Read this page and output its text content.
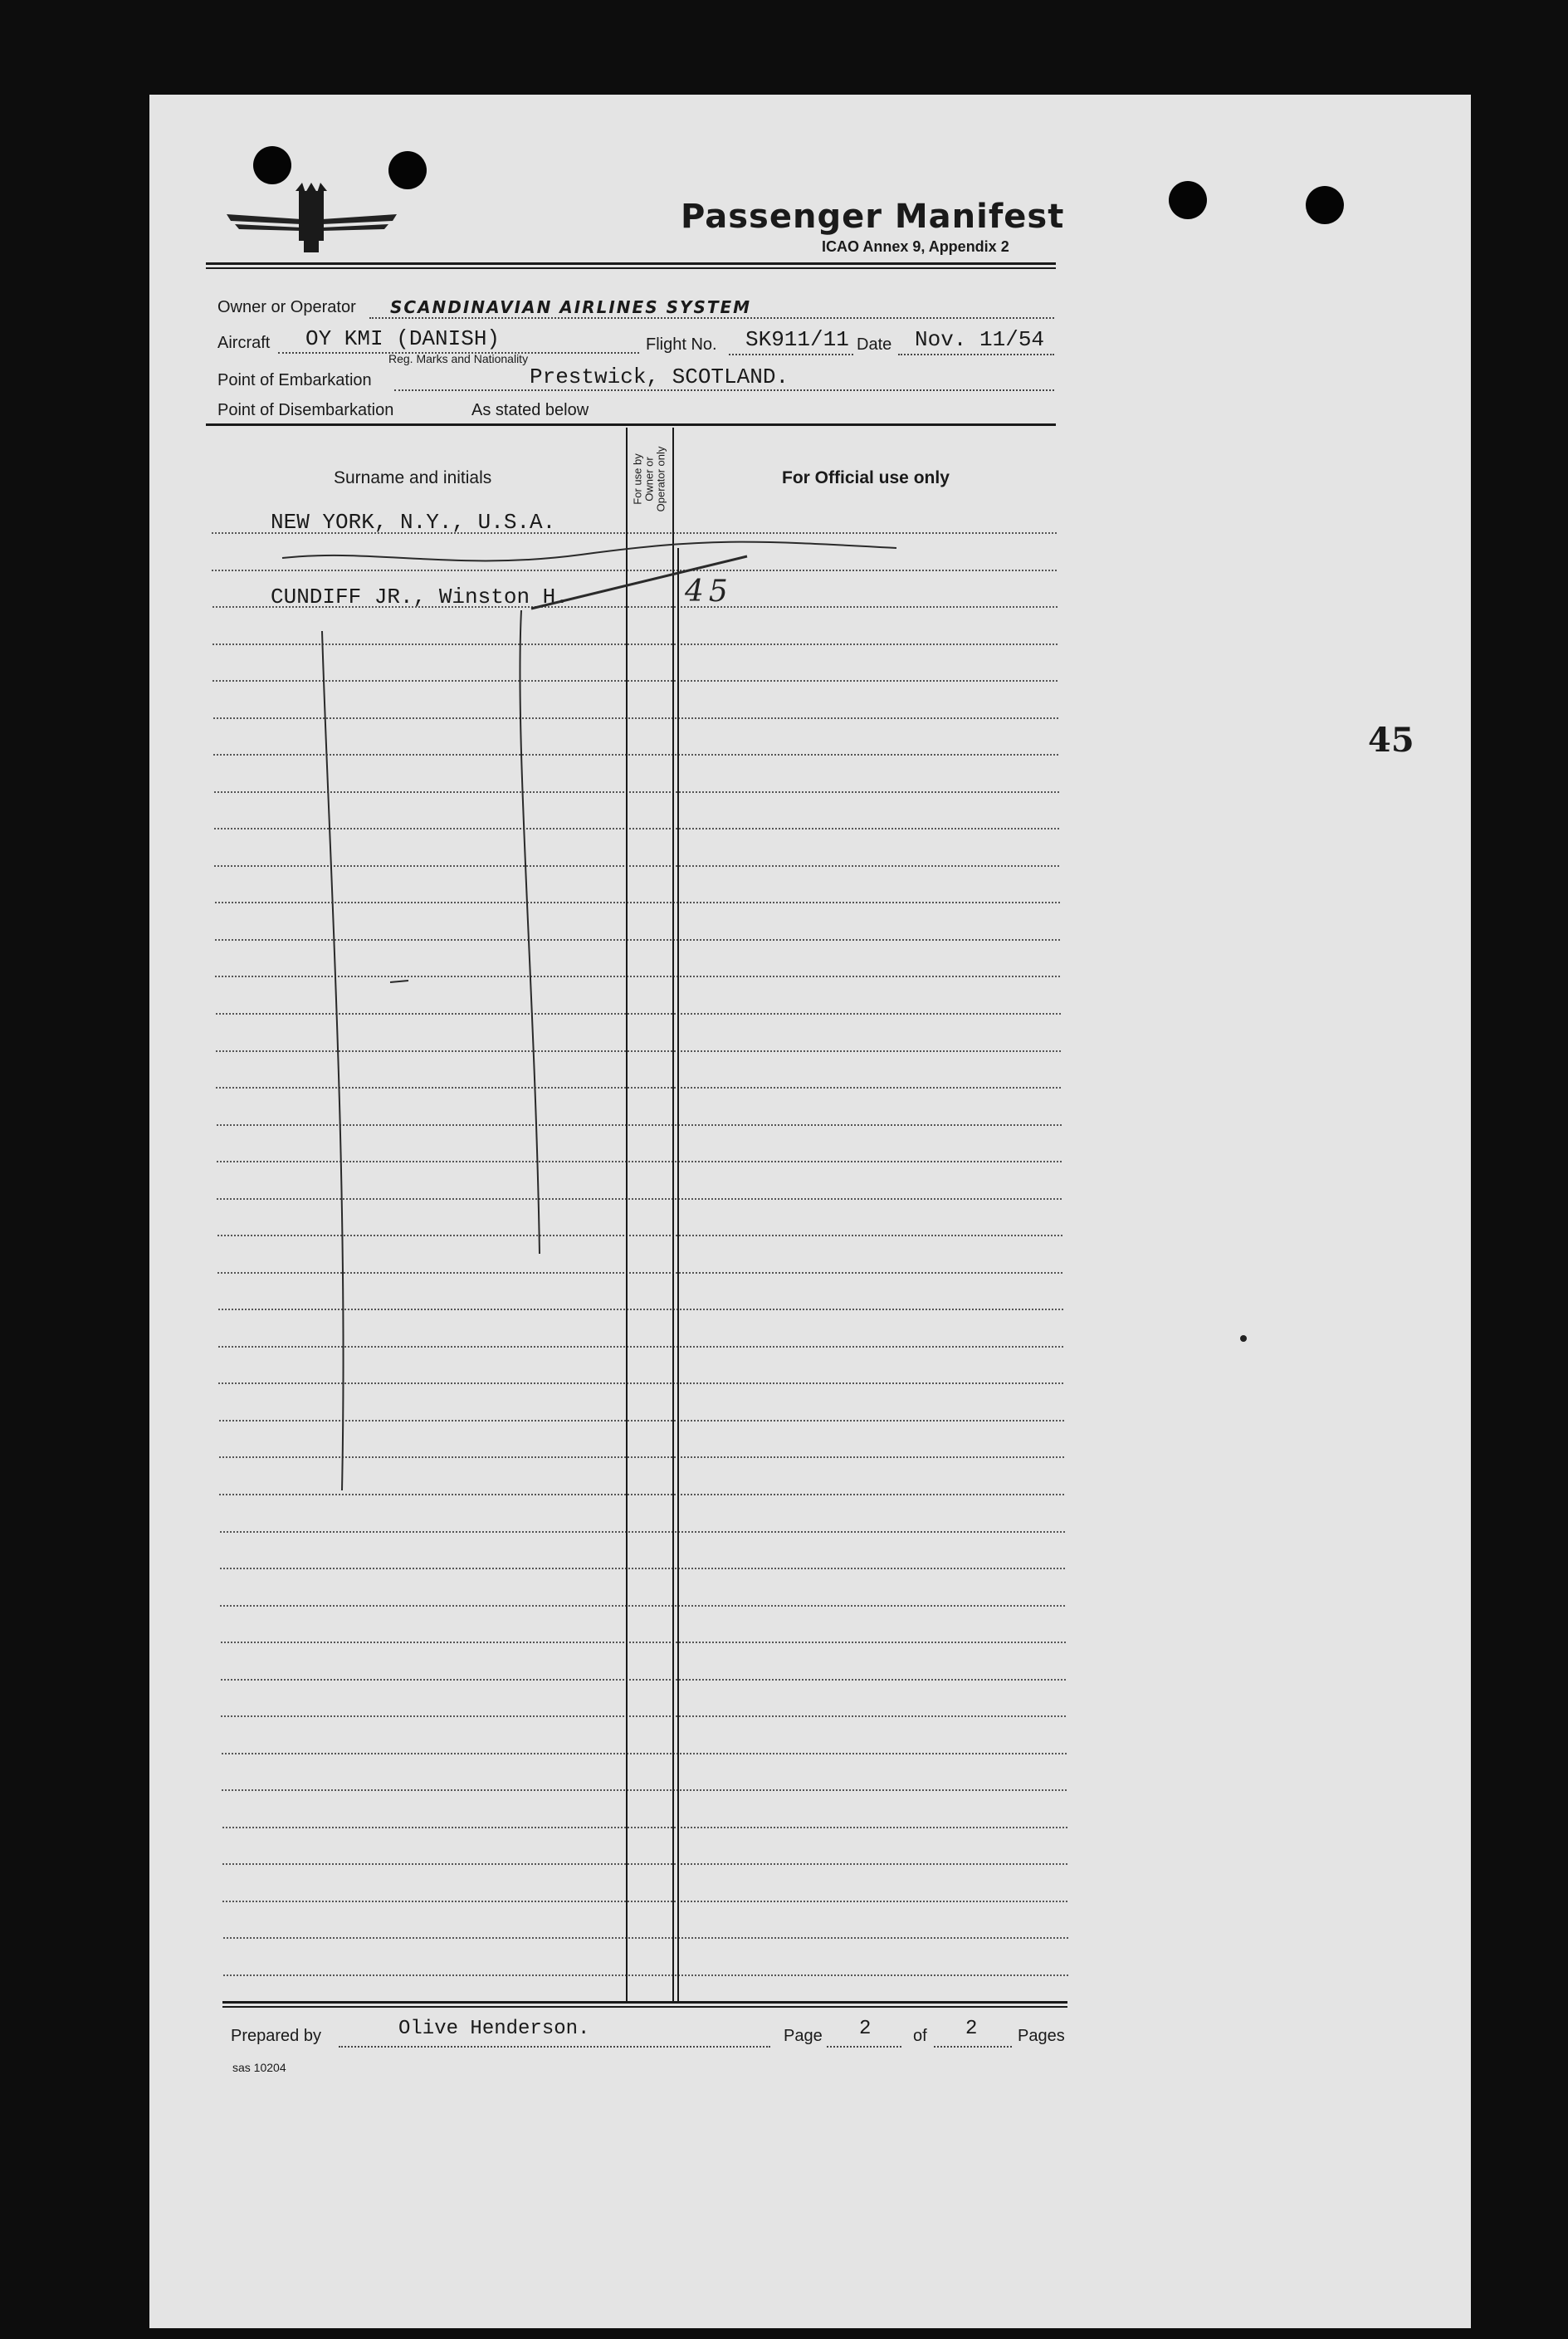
Passenger Manifest
ICAO Annex 9, Appendix 2
Owner or Operator SCANDINAVIAN AIRLINES SYSTEM
Aircraft OY KMI (DANISH)
Reg. Marks and Nationality
Flight No. SK911/11 Date Nov. 11/54
Point of Embarkation	Prestwick, SCOTLAND.
Point of Disembarkation	As stated below
Surname and initials
For use by
Owner or
Operator only
For Official use only
NEW YORK, N.Y., U.S.A.
CUNDIFF JR., Winston H.	45
Prepared by	Olive Henderson.	Page 2	of 2 Pages
sas 10204
45
